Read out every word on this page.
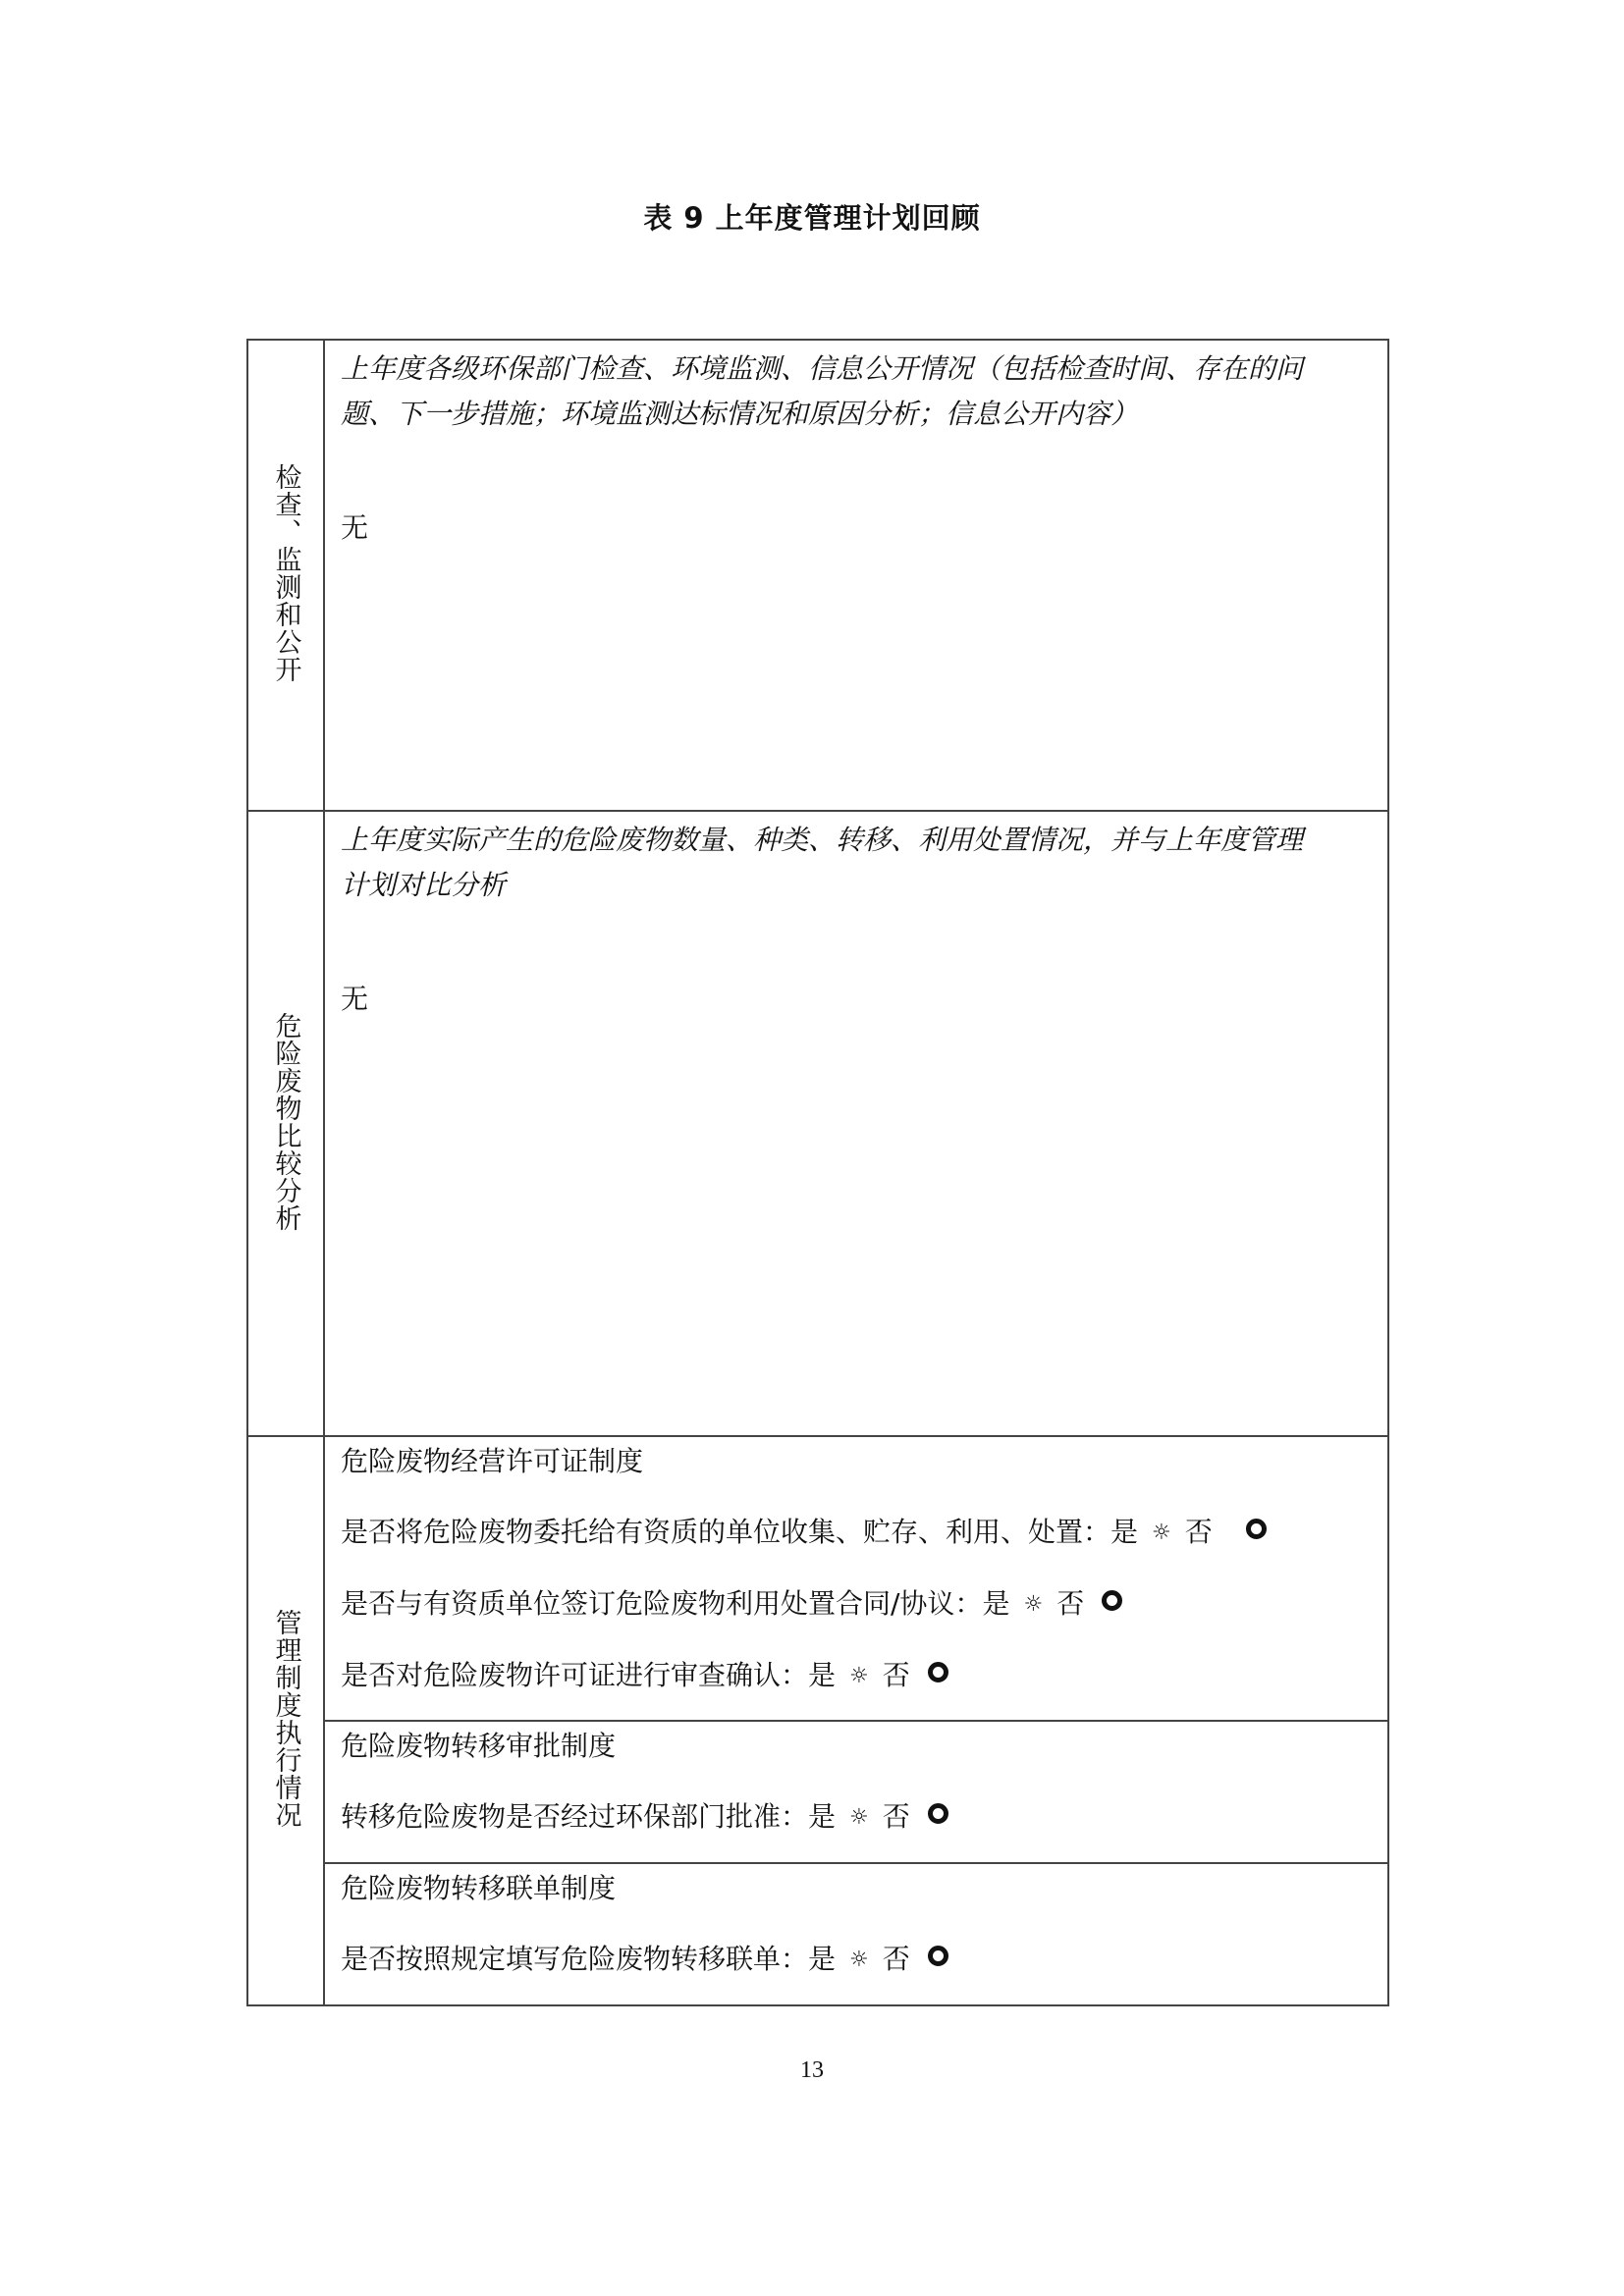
表 9 上年度管理计划回顾
检查、监测和公开	上年度各级环保部门检查、环境监测、信息公开情况（包括检查时间、存在的问
题、下一步措施；环境监测达标情况和原因分析；信息公开内容）
无

危险废物比较分析	上年度实际产生的危险废物数量、种类、转移、利用处置情况，并与上年度管理
计划对比分析
无

管理制度执行情况	危险废物经营许可证制度
是否将危险废物委托给有资质的单位收集、贮存、利用、处置：是 ☼ 否
是否与有资质单位签订危险废物利用处置合同/协议：是 ☼ 否
是否对危险废物许可证进行审查确认：是 ☼ 否

	危险废物转移审批制度
转移危险废物是否经过环保部门批准：是 ☼ 否

	危险废物转移联单制度
是否按照规定填写危险废物转移联单：是 ☼ 否
13
